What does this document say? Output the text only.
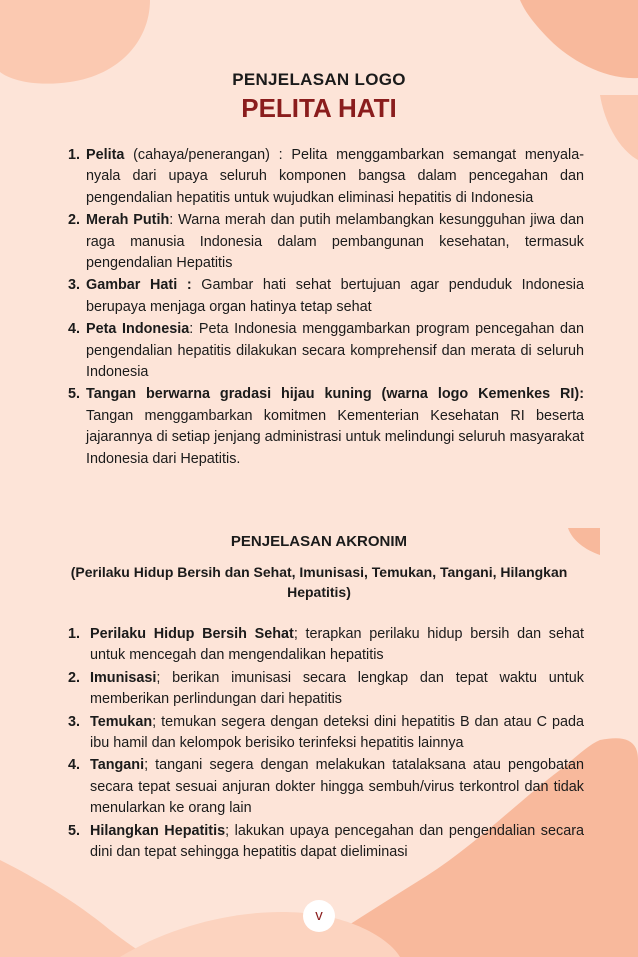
PENJELASAN LOGO
PELITA HATI
1. Pelita (cahaya/penerangan) : Pelita menggambarkan semangat menyala-nyala dari upaya seluruh komponen bangsa dalam pencegahan dan pengendalian hepatitis untuk wujudkan eliminasi hepatitis di Indonesia
2. Merah Putih: Warna merah dan putih melambangkan kesungguhan jiwa dan raga manusia Indonesia dalam pembangunan kesehatan, termasuk pengendalian Hepatitis
3. Gambar Hati : Gambar hati sehat bertujuan agar penduduk Indonesia berupaya menjaga organ hatinya tetap sehat
4. Peta Indonesia: Peta Indonesia menggambarkan program pencegahan dan pengendalian hepatitis dilakukan secara komprehensif dan merata di seluruh Indonesia
5. Tangan berwarna gradasi hijau kuning (warna logo Kemenkes RI): Tangan menggambarkan komitmen Kementerian Kesehatan RI beserta jajarannya di setiap jenjang administrasi untuk melindungi seluruh masyarakat Indonesia dari Hepatitis.
PENJELASAN AKRONIM
(Perilaku Hidup Bersih dan Sehat, Imunisasi, Temukan, Tangani, Hilangkan Hepatitis)
1. Perilaku Hidup Bersih Sehat; terapkan perilaku hidup bersih dan sehat untuk mencegah dan mengendalikan hepatitis
2. Imunisasi; berikan imunisasi secara lengkap dan tepat waktu untuk memberikan perlindungan dari hepatitis
3. Temukan; temukan segera dengan deteksi dini hepatitis B dan atau C pada ibu hamil dan kelompok berisiko terinfeksi hepatitis lainnya
4. Tangani; tangani segera dengan melakukan tatalaksana atau pengobatan secara tepat sesuai anjuran dokter hingga sembuh/virus terkontrol dan tidak menularkan ke orang lain
5. Hilangkan Hepatitis; lakukan upaya pencegahan dan pengendalian secara dini dan tepat sehingga hepatitis dapat dieliminasi
v
